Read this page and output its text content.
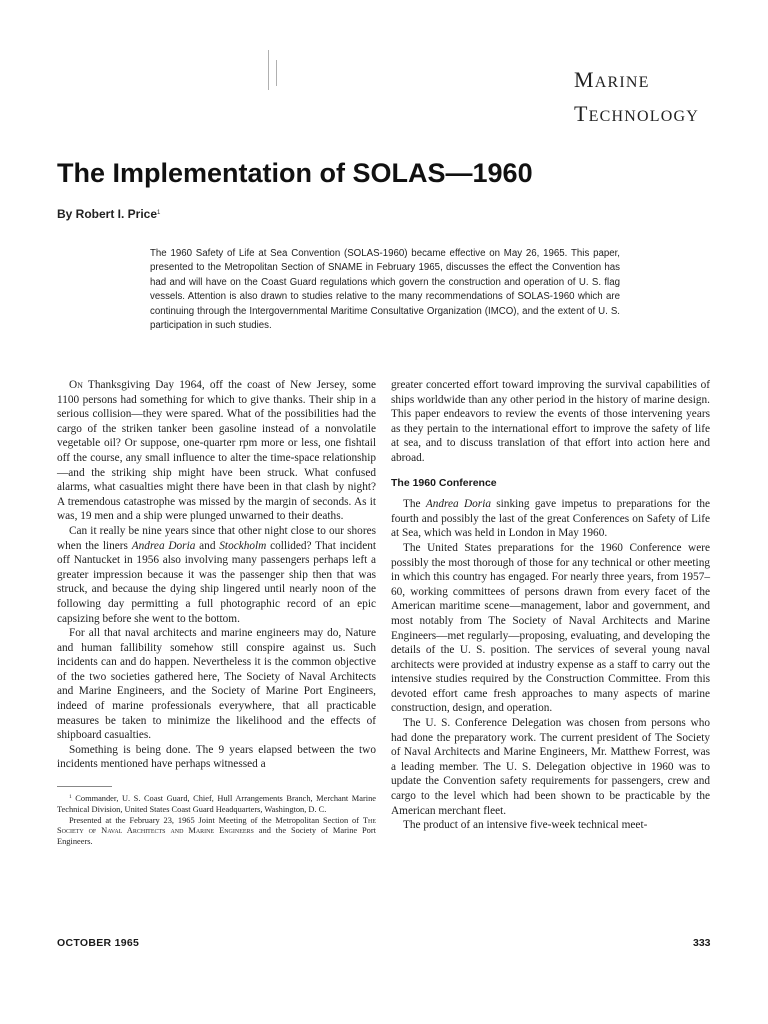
MARINE
TECHNOLOGY
The Implementation of SOLAS—1960
By Robert I. Price$^1$

The 1960 Safety of Life at Sea Convention (SOLAS-1960) became effective on May 26, 1965. This paper, presented to the Metropolitan Section of SNAME in February 1965, discusses the effect the Convention has had and will have on the Coast Guard regulations which govern the construction and operation of U. S. flag vessels. Attention is also drawn to studies relative to the many recommendations of SOLAS-1960 which are continuing through the Intergovernmental Maritime Consultative Organization (IMCO), and the extent of U. S. participation in such studies.

On Thanksgiving Day 1964, off the coast of New Jersey, some 1100 persons had something for which to give thanks. Their ship in a serious collision—they were spared. What of the possibilities had the cargo of the striken tanker been gasoline instead of a nonvolatile vegetable oil? Or suppose, one-quarter rpm more or less, one fishtail off the course, any small influence to alter the time-space relationship—and the striking ship might have been struck. What confused alarms, what casualties might there have been in that clash by night? A tremendous catastrophe was missed by the margin of seconds. As it was, 19 men and a ship were plunged unwarned to their deaths.

Can it really be nine years since that other night close to our shores when the liners Andrea Doria and Stockholm collided? That incident off Nantucket in 1956 also involving many passengers perhaps left a greater impression because it was the passenger ship then that was struck, and because the dying ship lingered until nearly noon of the following day permitting a full photographic record of an epic capsizing before she went to the bottom.

For all that naval architects and marine engineers may do, Nature and human fallibility somehow still conspire against us. Such incidents can and do happen. Nevertheless it is the common objective of the two societies gathered here, The Society of Naval Architects and Marine Engineers, and the Society of Marine Port Engineers, indeed of marine professionals everywhere, that all practicable measures be taken to minimize the likelihood and the effects of shipboard casualties.

Something is being done. The 9 years elapsed between the two incidents mentioned have perhaps witnessed a

$^1$ Commander, U. S. Coast Guard, Chief, Hull Arrangements Branch, Merchant Marine Technical Division, United States Coast Guard Headquarters, Washington, D. C.

Presented at the February 23, 1965 Joint Meeting of the Metropolitan Section of The Society of Naval Architects and Marine Engineers and the Society of Marine Port Engineers.

greater concerted effort toward improving the survival capabilities of ships worldwide than any other period in the history of marine design. This paper endeavors to review the events of those intervening years as they pertain to the international effort to improve the safety of life at sea, and to discuss translation of that effort into action here and abroad.

The 1960 Conference

The Andrea Doria sinking gave impetus to preparations for the fourth and possibly the last of the great Conferences on Safety of Life at Sea, which was held in London in May 1960.

The United States preparations for the 1960 Conference were possibly the most thorough of those for any technical or other meeting in which this country has engaged. For nearly three years, from 1957–60, working committees of persons drawn from every facet of the American maritime scene—management, labor and government, and most notably from The Society of Naval Architects and Marine Engineers—met regularly—proposing, evaluating, and developing the details of the U. S. position. The services of several young naval architects were provided at industry expense as a staff to carry out the intensive studies required by the Construction Committee. From this devoted effort came fresh approaches to many aspects of marine construction, design, and operation.

The U. S. Conference Delegation was chosen from persons who had done the preparatory work. The current president of The Society of Naval Architects and Marine Engineers, Mr. Matthew Forrest, was a leading member. The U. S. Delegation objective in 1960 was to update the Convention safety requirements for passengers, crew and cargo to the level which had been shown to be practicable by the American merchant fleet.

The product of an intensive five-week technical meet-

OCTOBER 1965	333
